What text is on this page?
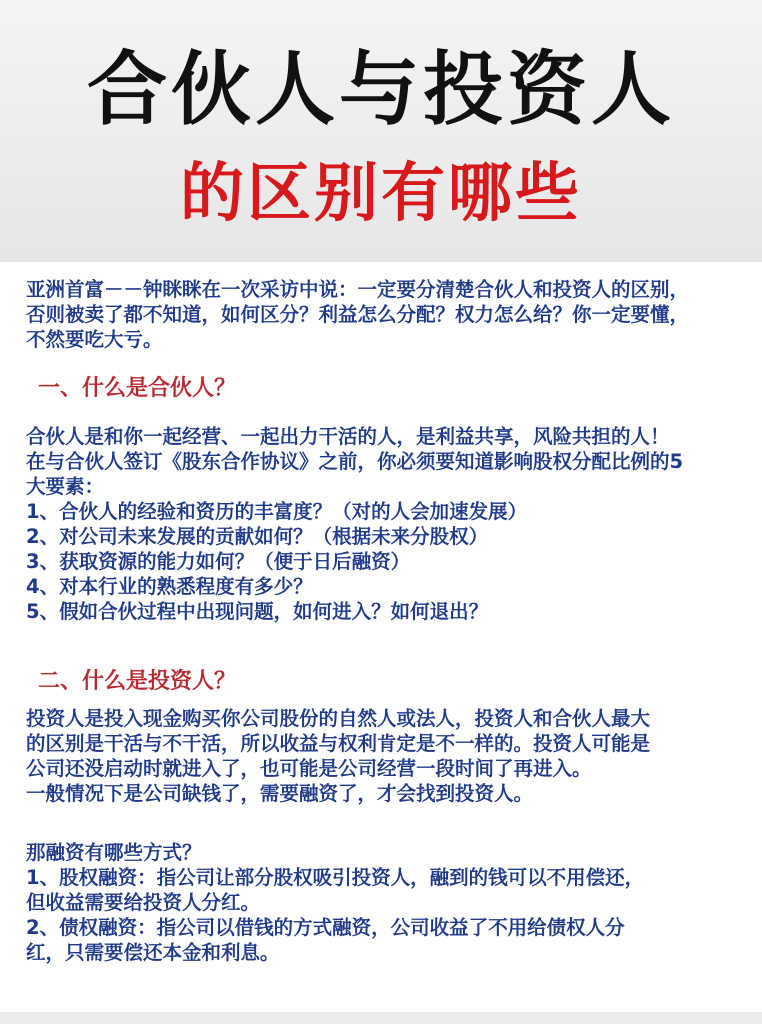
合伙人与投资人
的区别有哪些
亚洲首富－－钟眯眯在一次采访中说：一定要分清楚合伙人和投资人的区别，
否则被卖了都不知道，如何区分？利益怎么分配？权力怎么给？你一定要懂，
不然要吃大亏。
一、什么是合伙人？
合伙人是和你一起经营、一起出力干活的人，是利益共享，风险共担的人！
在与合伙人签订《股东合作协议》之前，你必须要知道影响股权分配比例的5
大要素：
1、合伙人的经验和资历的丰富度？（对的人会加速发展）
2、对公司未来发展的贡献如何？（根据未来分股权）
3、获取资源的能力如何？（便于日后融资）
4、对本行业的熟悉程度有多少？
5、假如合伙过程中出现问题，如何进入？如何退出？
二、什么是投资人？
投资人是投入现金购买你公司股份的自然人或法人，投资人和合伙人最大
的区别是干活与不干活，所以收益与权利肯定是不一样的。投资人可能是
公司还没启动时就进入了，也可能是公司经营一段时间了再进入。
一般情况下是公司缺钱了，需要融资了，才会找到投资人。
那融资有哪些方式？
1、股权融资：指公司让部分股权吸引投资人，融到的钱可以不用偿还，
但收益需要给投资人分红。
2、债权融资：指公司以借钱的方式融资，公司收益了不用给债权人分
红，只需要偿还本金和利息。
